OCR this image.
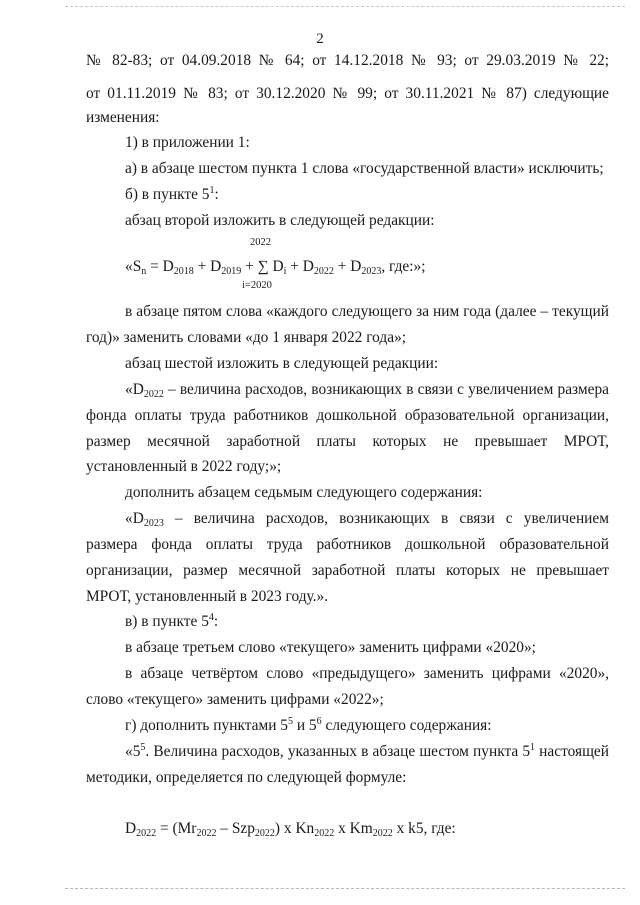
2
№ 82-83; от 04.09.2018 № 64; от 14.12.2018 № 93; от 29.03.2019 № 22;
от 01.11.2019 № 83; от 30.12.2020 № 99; от 30.11.2021 № 87) следующие
изменения:
1) в приложении 1:
а) в абзаце шестом пункта 1 слова «государственной власти» исключить;
б) в пункте $5^1$:
абзац второй изложить в следующей редакции:
2022
«$S_n = D_{2018} + D_{2019}$ + ∑ $D_i + D_{2022} + D_{2023}$, где:»;
i=2020
в абзаце пятом слова «каждого следующего за ним года (далее – текущий
год)» заменить словами «до 1 января 2022 года»;
абзац шестой изложить в следующей редакции:
«$D_{2022}$ – величина расходов, возникающих в связи с увеличением размера
фонда оплаты труда работников дошкольной образовательной организации,
размер месячной заработной платы которых не превышает МРОТ,
установленный в 2022 году;»;
дополнить абзацем седьмым следующего содержания:
«$D_{2023}$ – величина расходов, возникающих в связи с увеличением
размера фонда оплаты труда работников дошкольной образовательной
организации, размер месячной заработной платы которых не превышает
МРОТ, установленный в 2023 году.».
в) в пункте $5^4$:
в абзаце третьем слово «текущего» заменить цифрами «2020»;
в абзаце четвёртом слово «предыдущего» заменить цифрами «2020»,
слово «текущего» заменить цифрами «2022»;
г) дополнить пунктами $5^5$ и $5^6$ следующего содержания:
«$5^5$. Величина расходов, указанных в абзаце шестом пункта $5^1$ настоящей
методики, определяется по следующей формуле:
$D_{2022} = (Mr_{2022} - Szp_{2022})$ x $Kn_{2022}$ x $Km_{2022}$ x k5, где:
